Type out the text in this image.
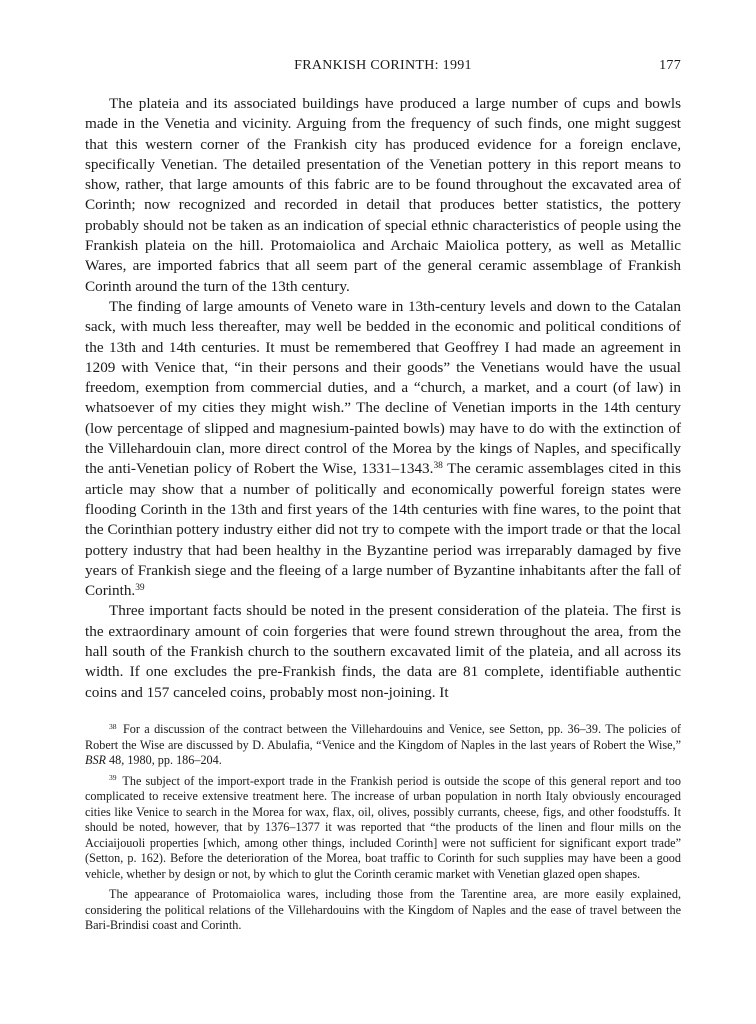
FRANKISH CORINTH: 1991	177

The plateia and its associated buildings have produced a large number of cups and bowls made in the Venetia and vicinity. Arguing from the frequency of such finds, one might suggest that this western corner of the Frankish city has produced evidence for a foreign enclave, specifically Venetian. The detailed presentation of the Venetian pottery in this report means to show, rather, that large amounts of this fabric are to be found throughout the excavated area of Corinth; now recognized and recorded in detail that produces better statistics, the pottery probably should not be taken as an indication of special ethnic characteristics of people using the Frankish plateia on the hill. Protomaiolica and Archaic Maiolica pottery, as well as Metallic Wares, are imported fabrics that all seem part of the general ceramic assemblage of Frankish Corinth around the turn of the 13th century.

The finding of large amounts of Veneto ware in 13th-century levels and down to the Catalan sack, with much less thereafter, may well be bedded in the economic and political conditions of the 13th and 14th centuries. It must be remembered that Geoffrey I had made an agreement in 1209 with Venice that, “in their persons and their goods” the Venetians would have the usual freedom, exemption from commercial duties, and a “church, a market, and a court (of law) in whatsoever of my cities they might wish.” The decline of Venetian imports in the 14th century (low percentage of slipped and magnesium-painted bowls) may have to do with the extinction of the Villehardouin clan, more direct control of the Morea by the kings of Naples, and specifically the anti-Venetian policy of Robert the Wise, 1331–1343.38 The ceramic assemblages cited in this article may show that a number of politically and economically powerful foreign states were flooding Corinth in the 13th and first years of the 14th centuries with fine wares, to the point that the Corinthian pottery industry either did not try to compete with the import trade or that the local pottery industry that had been healthy in the Byzantine period was irreparably damaged by five years of Frankish siege and the fleeing of a large number of Byzantine inhabitants after the fall of Corinth.$^{39}$

Three important facts should be noted in the present consideration of the plateia. The first is the extraordinary amount of coin forgeries that were found strewn throughout the area, from the hall south of the Frankish church to the southern excavated limit of the plateia, and all across its width. If one excludes the pre-Frankish finds, the data are 81 complete, identifiable authentic coins and 157 canceled coins, probably most non-joining. It

$^{38}$ For a discussion of the contract between the Villehardouins and Venice, see Setton, pp. 36–39. The policies of Robert the Wise are discussed by D. Abulafia, “Venice and the Kingdom of Naples in the last years of Robert the Wise,” BSR 48, 1980, pp. 186–204.

$^{39}$ The subject of the import-export trade in the Frankish period is outside the scope of this general report and too complicated to receive extensive treatment here. The increase of urban population in north Italy obviously encouraged cities like Venice to search in the Morea for wax, flax, oil, olives, possibly currants, cheese, figs, and other foodstuffs. It should be noted, however, that by 1376–1377 it was reported that “the products of the linen and flour mills on the Acciaijouoli properties [which, among other things, included Corinth] were not sufficient for significant export trade” (Setton, p. 162). Before the deterioration of the Morea, boat traffic to Corinth for such supplies may have been a good vehicle, whether by design or not, by which to glut the Corinth ceramic market with Venetian glazed open shapes.

The appearance of Protomaiolica wares, including those from the Tarentine area, are more easily explained, considering the political relations of the Villehardouins with the Kingdom of Naples and the ease of travel between the Bari-Brindisi coast and Corinth.
